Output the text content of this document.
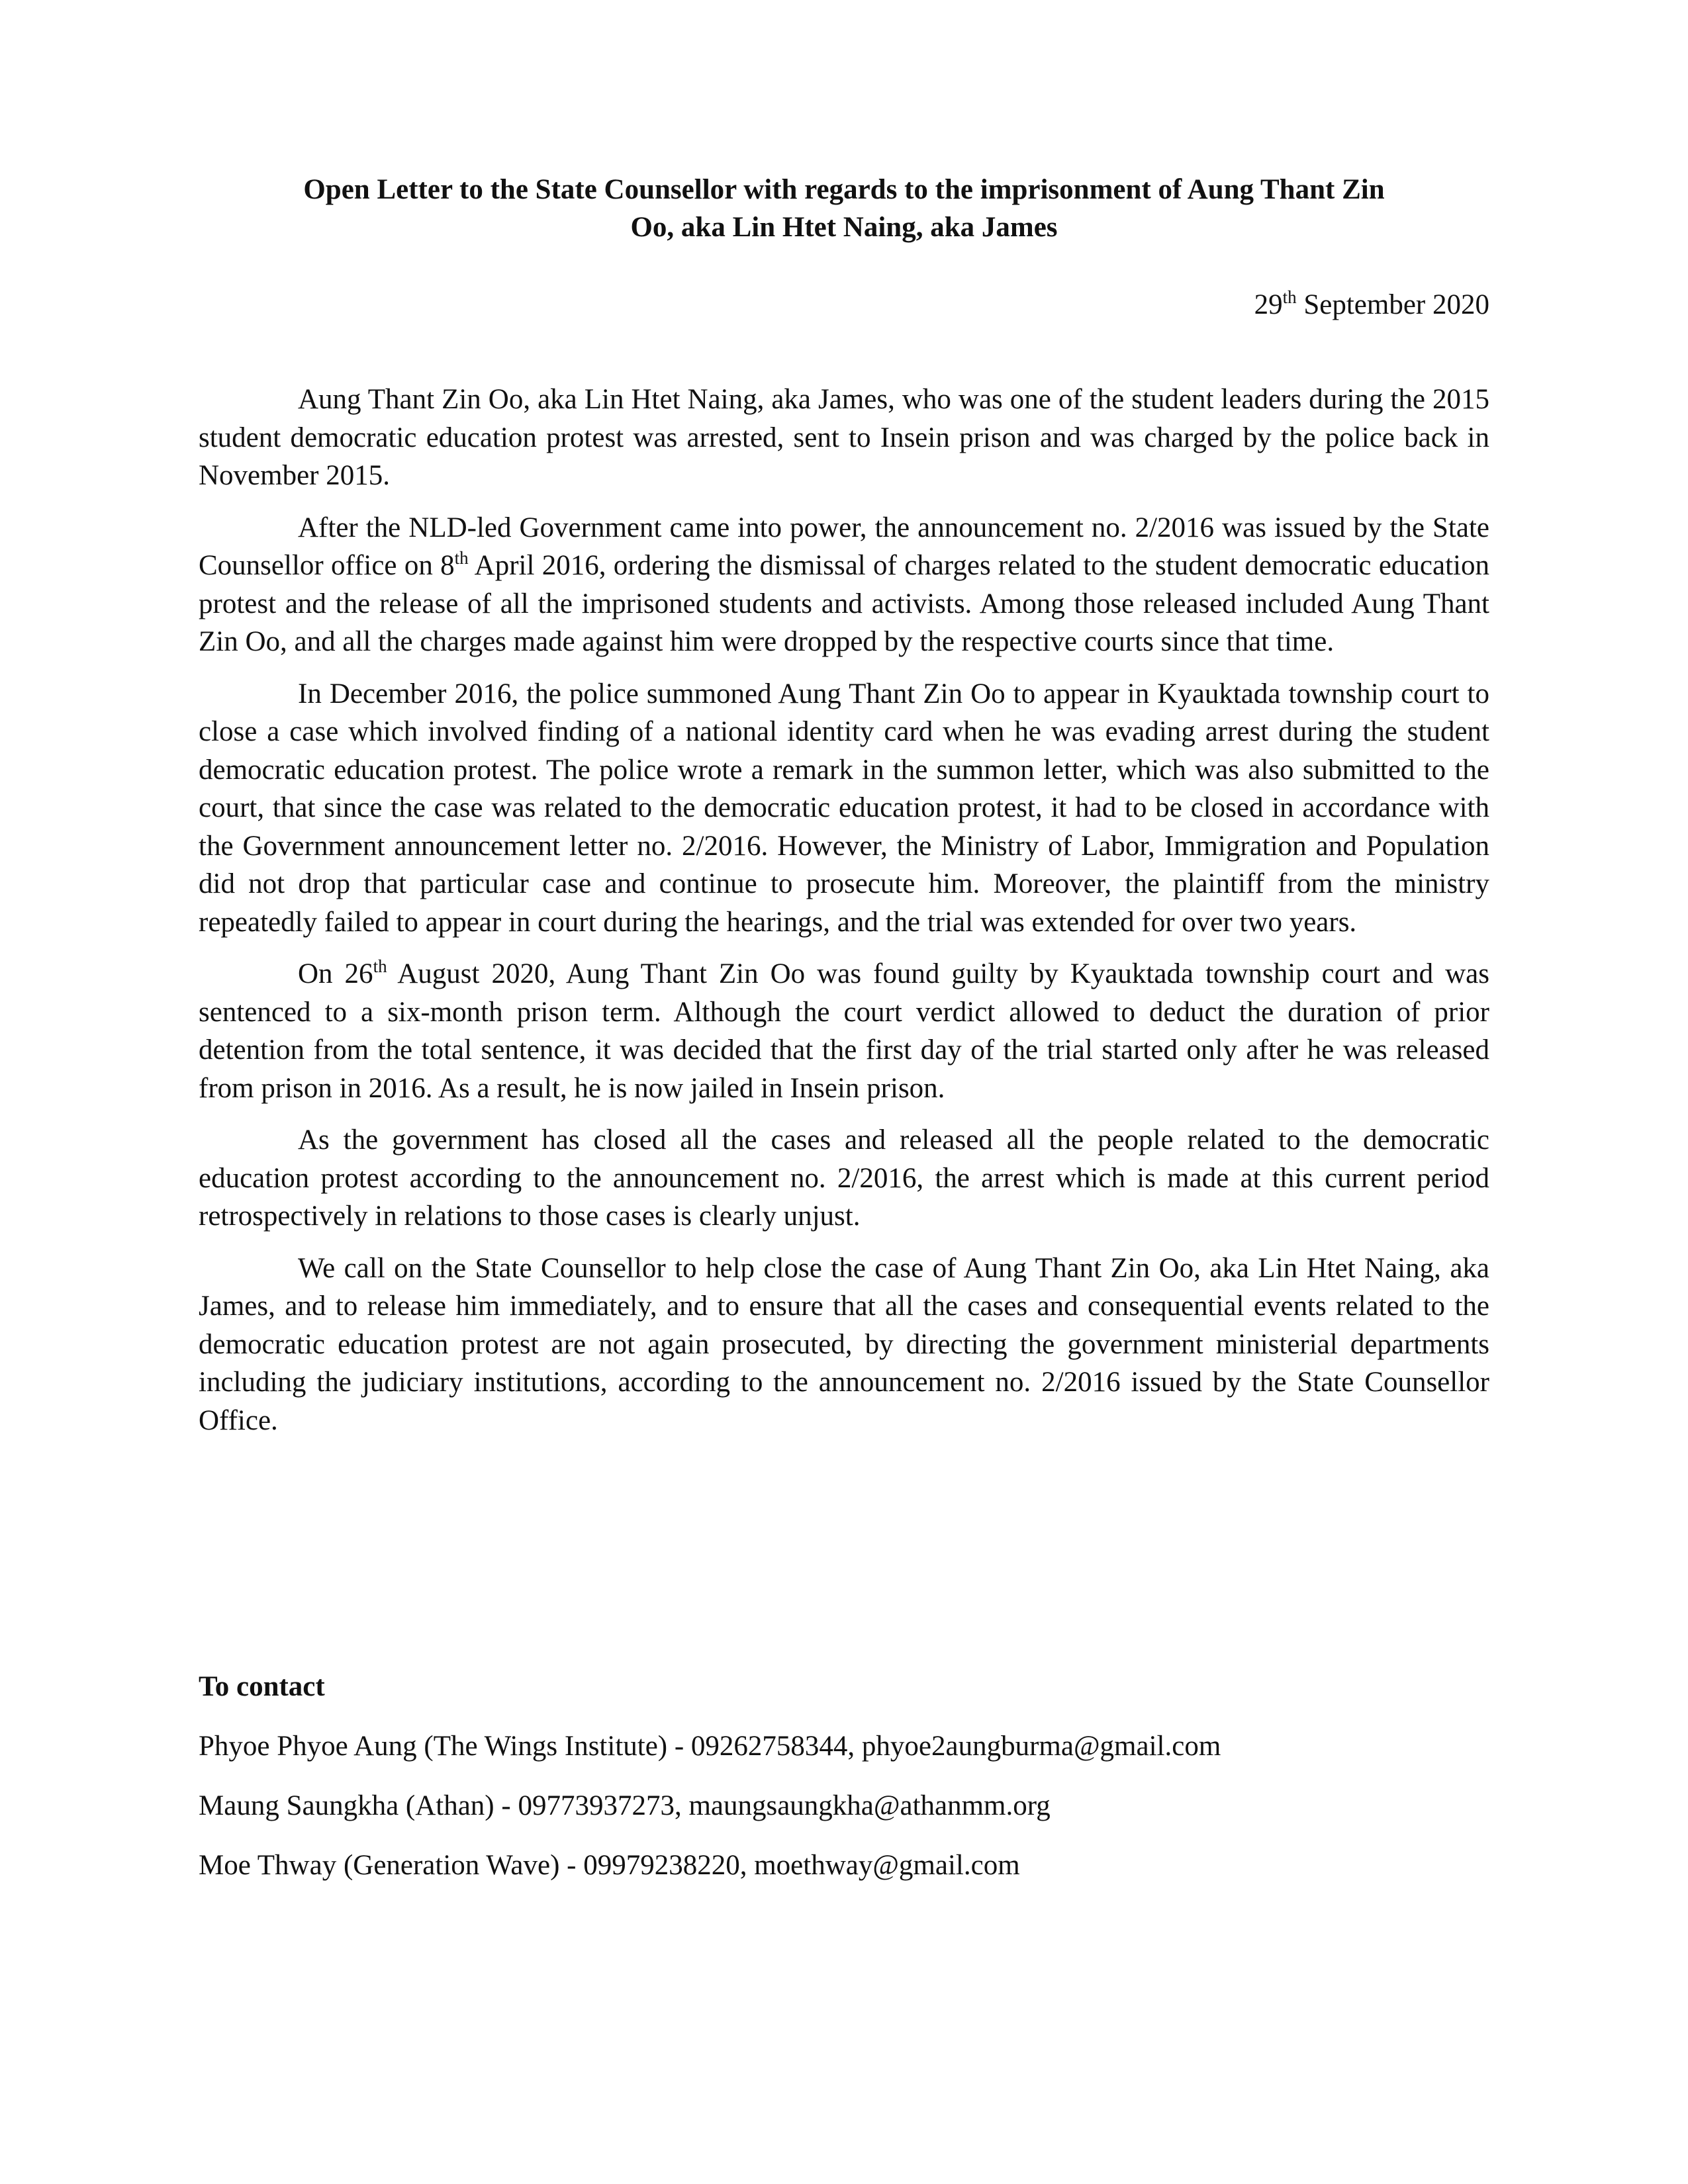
Open Letter to the State Counsellor with regards to the imprisonment of Aung Thant Zin
Oo, aka Lin Htet Naing, aka James
29th September 2020

Aung Thant Zin Oo, aka Lin Htet Naing, aka James, who was one of the student leaders during the 2015 student democratic education protest was arrested, sent to Insein prison and was charged by the police back in November 2015.

After the NLD-led Government came into power, the announcement no. 2/2016 was issued by the State Counsellor office on 8th April 2016, ordering the dismissal of charges related to the student democratic education protest and the release of all the imprisoned students and activists. Among those released included Aung Thant Zin Oo, and all the charges made against him were dropped by the respective courts since that time.

In December 2016, the police summoned Aung Thant Zin Oo to appear in Kyauktada township court to close a case which involved finding of a national identity card when he was evading arrest during the student democratic education protest. The police wrote a remark in the summon letter, which was also submitted to the court, that since the case was related to the democratic education protest, it had to be closed in accordance with the Government announcement letter no. 2/2016. However, the Ministry of Labor, Immigration and Population did not drop that particular case and continue to prosecute him. Moreover, the plaintiff from the ministry repeatedly failed to appear in court during the hearings, and the trial was extended for over two years.

On 26th August 2020, Aung Thant Zin Oo was found guilty by Kyauktada township court and was sentenced to a six-month prison term. Although the court verdict allowed to deduct the duration of prior detention from the total sentence, it was decided that the first day of the trial started only after he was released from prison in 2016. As a result, he is now jailed in Insein prison.

As the government has closed all the cases and released all the people related to the democratic education protest according to the announcement no. 2/2016, the arrest which is made at this current period retrospectively in relations to those cases is clearly unjust.

We call on the State Counsellor to help close the case of Aung Thant Zin Oo, aka Lin Htet Naing, aka James, and to release him immediately, and to ensure that all the cases and consequential events related to the democratic education protest are not again prosecuted, by directing the government ministerial departments including the judiciary institutions, according to the announcement no. 2/2016 issued by the State Counsellor Office.

To contact
Phyoe Phyoe Aung (The Wings Institute) - 09262758344, phyoe2aungburma@gmail.com
Maung Saungkha (Athan) - 09773937273, maungsaungkha@athanmm.org
Moe Thway (Generation Wave) - 09979238220, moethway@gmail.com
